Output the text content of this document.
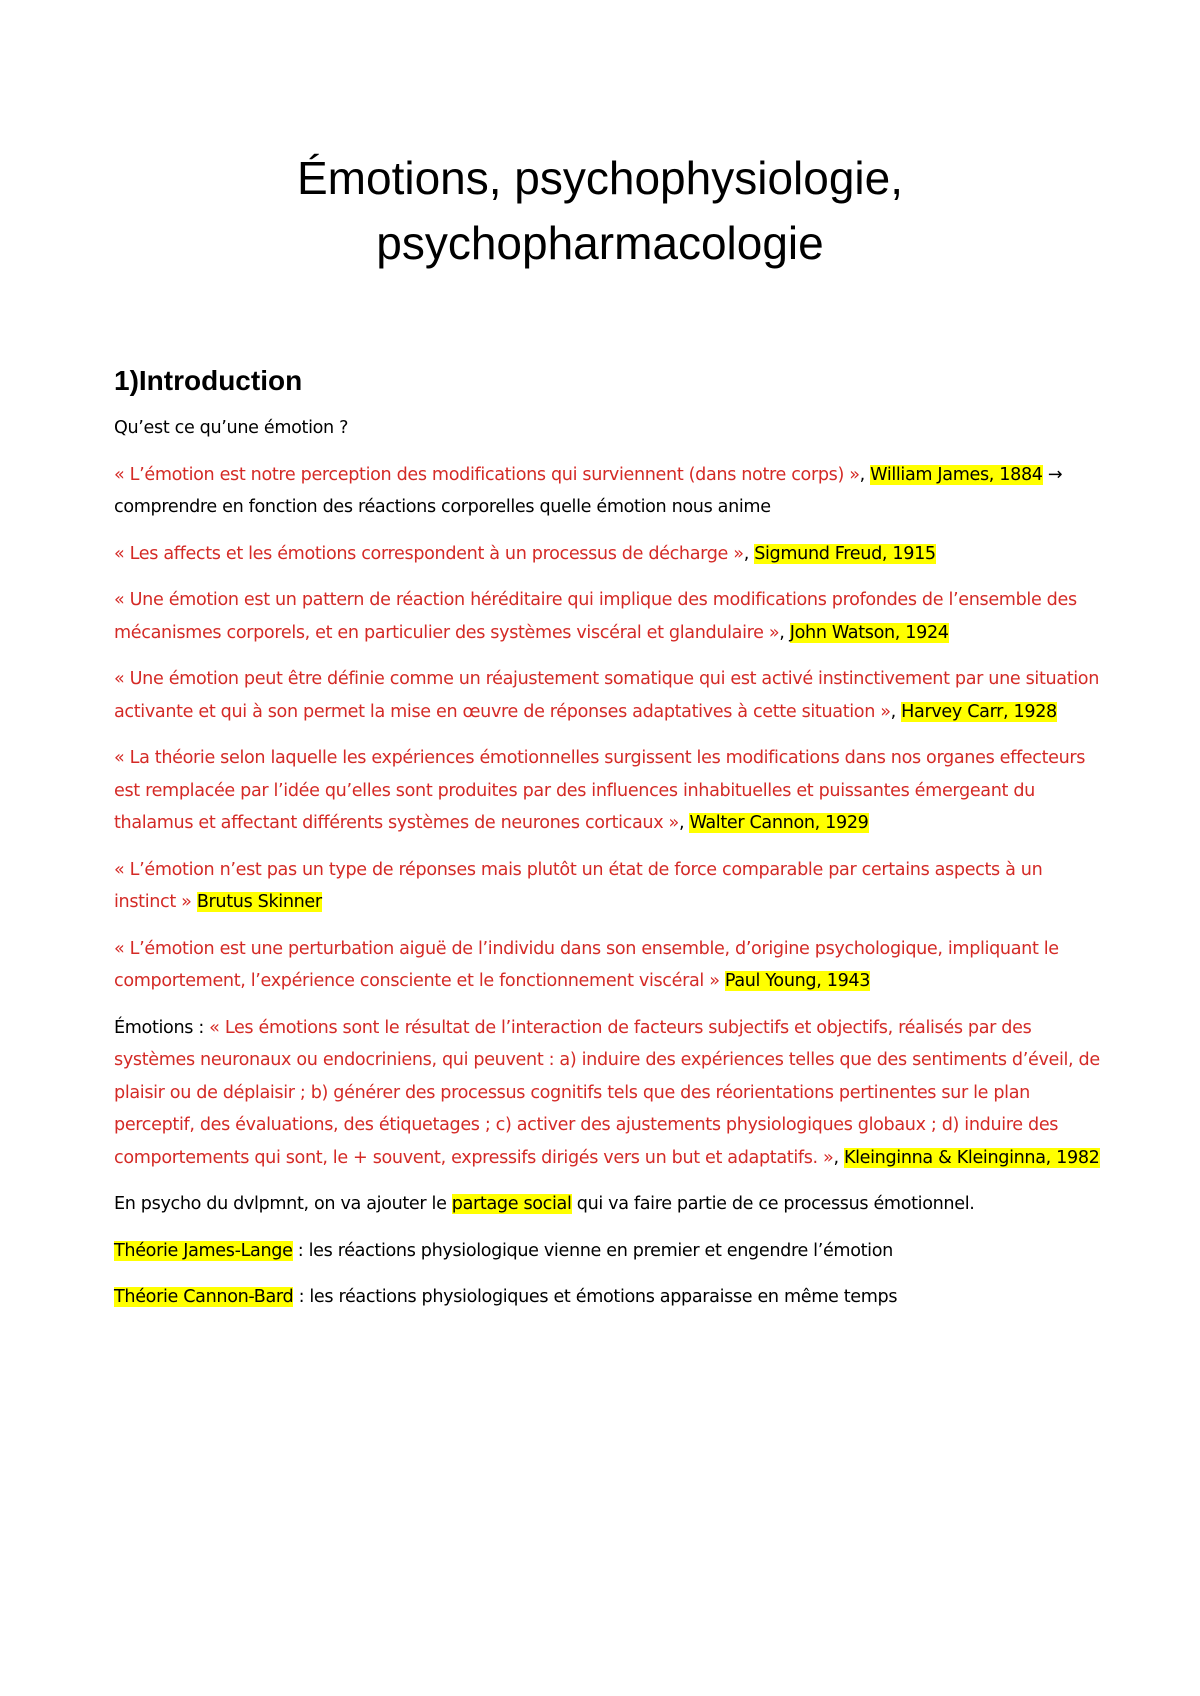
Émotions, psychophysiologie,
psychopharmacologie
1)Introduction

Qu’est ce qu’une émotion ?

« L’émotion est notre perception des modifications qui surviennent (dans notre corps) », William James, 1884 → comprendre en fonction des réactions corporelles quelle émotion nous anime

« Les affects et les émotions correspondent à un processus de décharge », Sigmund Freud, 1915

« Une émotion est un pattern de réaction héréditaire qui implique des modifications profondes de l’ensemble des mécanismes corporels, et en particulier des systèmes viscéral et glandulaire », John Watson, 1924

« Une émotion peut être définie comme un réajustement somatique qui est activé instinctivement par une situation activante et qui à son permet la mise en œuvre de réponses adaptatives à cette situation », Harvey Carr, 1928

« La théorie selon laquelle les expériences émotionnelles surgissent les modifications dans nos organes effecteurs est remplacée par l’idée qu’elles sont produites par des influences inhabituelles et puissantes émergeant du thalamus et affectant différents systèmes de neurones corticaux », Walter Cannon, 1929

« L’émotion n’est pas un type de réponses mais plutôt un état de force comparable par certains aspects à un instinct » Brutus Skinner

« L’émotion est une perturbation aiguë de l’individu dans son ensemble, d’origine psychologique, impliquant le comportement, l’expérience consciente et le fonctionnement viscéral » Paul Young, 1943

Émotions : « Les émotions sont le résultat de l’interaction de facteurs subjectifs et objectifs, réalisés par des systèmes neuronaux ou endocriniens, qui peuvent : a) induire des expériences telles que des sentiments d’éveil, de plaisir ou de déplaisir ; b) générer des processus cognitifs tels que des réorientations pertinentes sur le plan perceptif, des évaluations, des étiquetages ; c) activer des ajustements physiologiques globaux ; d) induire des comportements qui sont, le + souvent, expressifs dirigés vers un but et adaptatifs. », Kleinginna & Kleinginna, 1982

En psycho du dvlpmnt, on va ajouter le partage social qui va faire partie de ce processus émotionnel.

Théorie James-Lange : les réactions physiologique vienne en premier et engendre l’émotion

Théorie Cannon-Bard : les réactions physiologiques et émotions apparaisse en même temps
